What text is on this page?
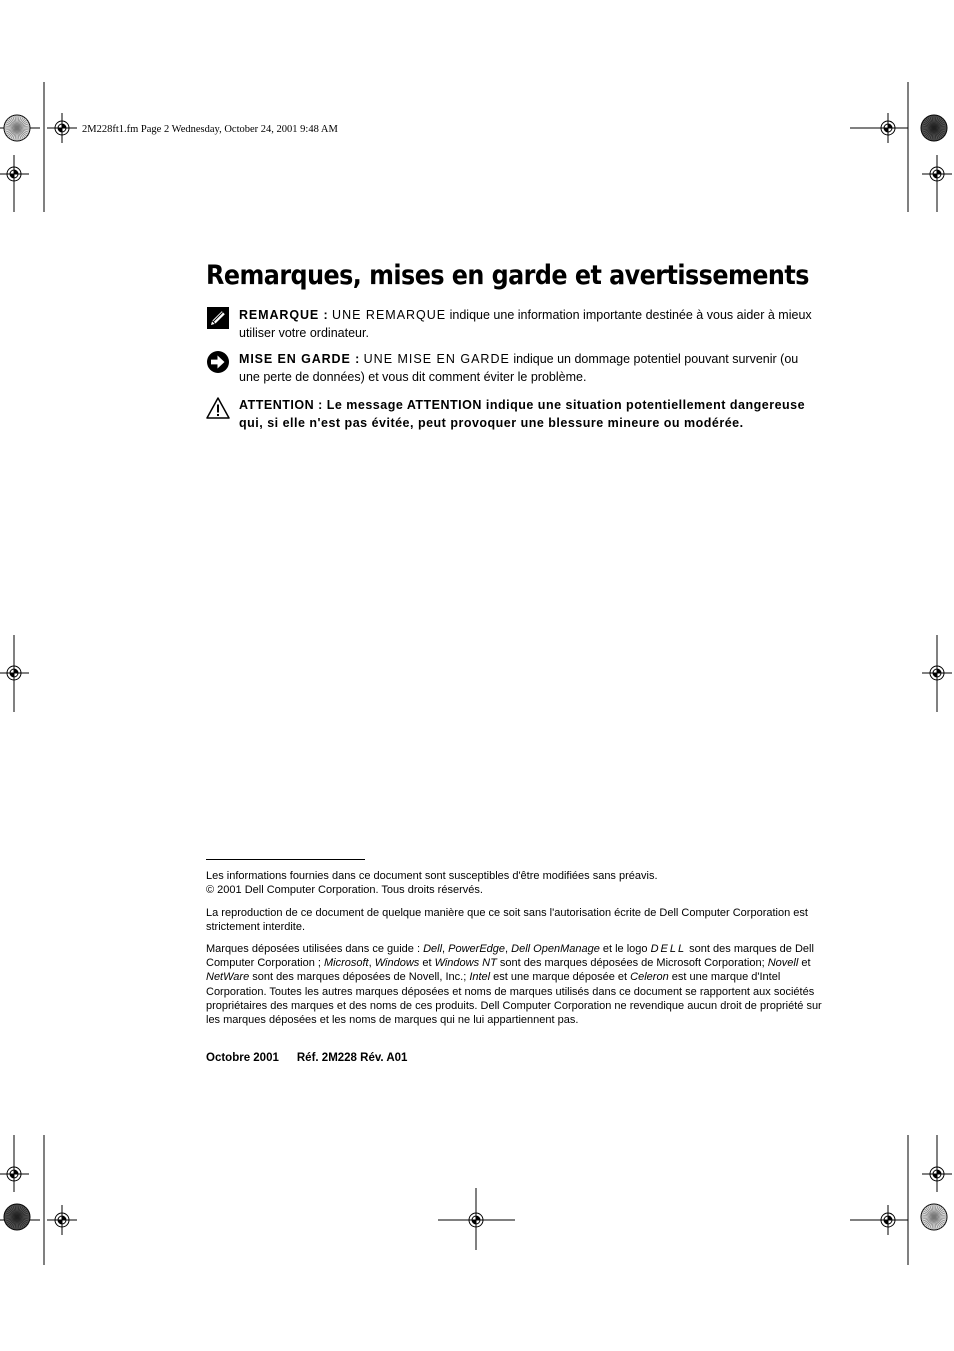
2M228ft1.fm Page 2 Wednesday, October 24, 2001 9:48 AM
Remarques, mises en garde et avertissements
REMARQUE : UNE REMARQUE indique une information importante destinée à vous aider à mieux utiliser votre ordinateur.
MISE EN GARDE : UNE MISE EN GARDE indique un dommage potentiel pouvant survenir (ou une perte de données) et vous dit comment éviter le problème.
ATTENTION : Le message ATTENTION indique une situation potentiellement dangereuse qui, si elle n'est pas évitée, peut provoquer une blessure mineure ou modérée.
Les informations fournies dans ce document sont susceptibles d'être modifiées sans préavis.
© 2001 Dell Computer Corporation. Tous droits réservés.
La reproduction de ce document de quelque manière que ce soit sans l'autorisation écrite de Dell Computer Corporation est strictement interdite.
Marques déposées utilisées dans ce guide : Dell, PowerEdge, Dell OpenManage et le logo DELL sont des marques de Dell Computer Corporation ; Microsoft, Windows et Windows NT sont des marques déposées de Microsoft Corporation; Novell et NetWare sont des marques déposées de Novell, Inc.; Intel est une marque déposée et Celeron est une marque d'Intel Corporation. Toutes les autres marques déposées et noms de marques utilisés dans ce document se rapportent aux sociétés propriétaires des marques et des noms de ces produits. Dell Computer Corporation ne revendique aucun droit de propriété sur les marques déposées et les noms de marques qui ne lui appartiennent pas.
Octobre 2001 Réf. 2M228 Rév. A01
